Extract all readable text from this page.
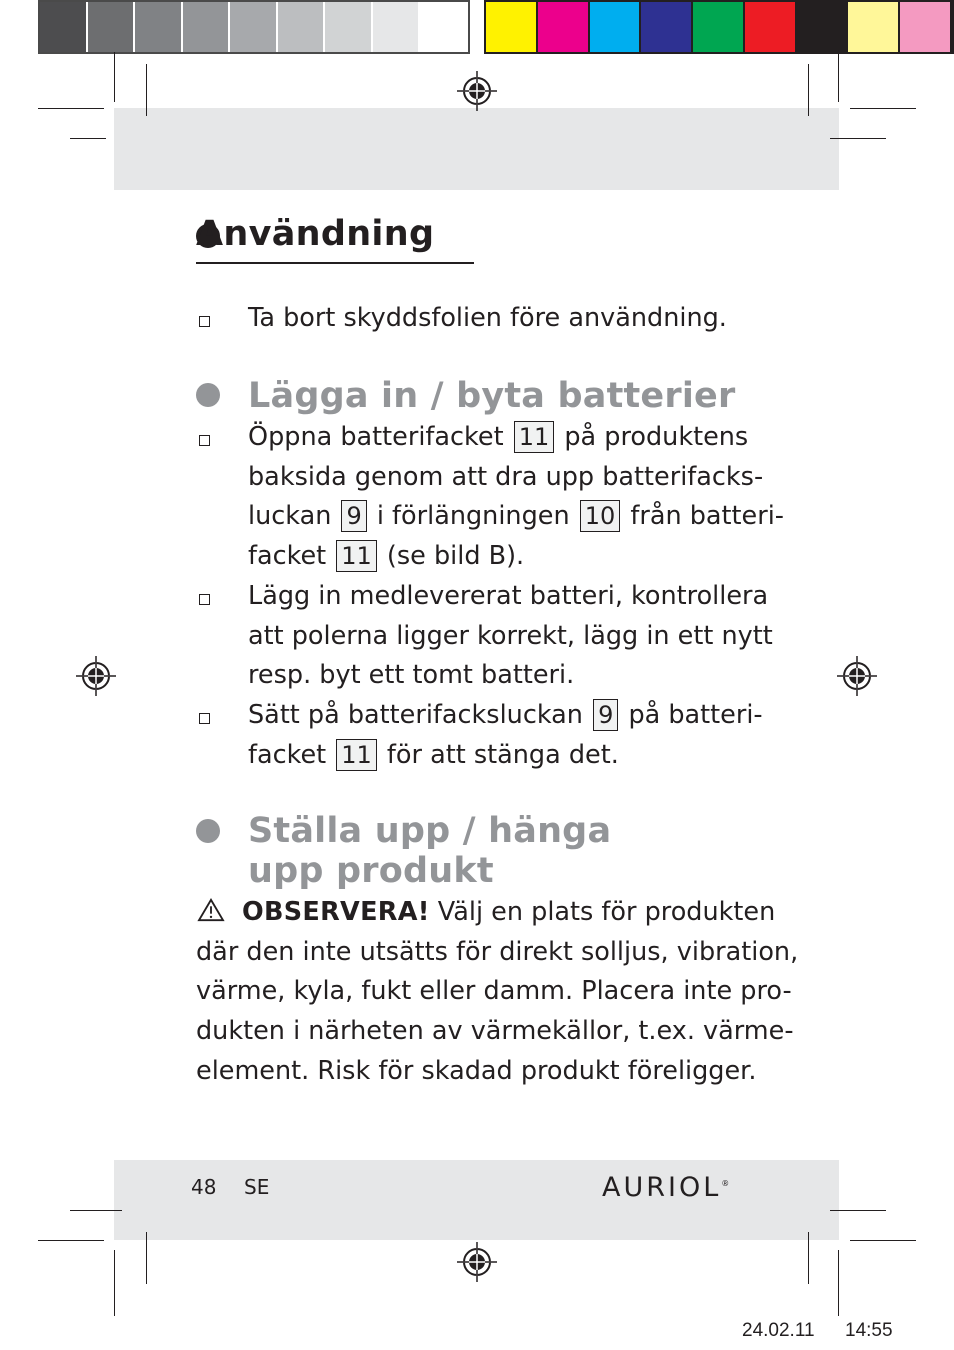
Användning
Ta bort skyddsfolien före användning.
Lägga in / byta batterier
Öppna batterifacket 11 på produktens
baksida genom att dra upp batterifacks-
luckan 9 i förlängningen 10 från batteri-
facket 11 (se bild B).
Lägg in medlevererat batteri, kontrollera
att polerna ligger korrekt, lägg in ett nytt
resp. byt ett tomt batteri.
Sätt på batterifacksluckan 9 på batteri-
facket 11 för att stänga det.
Ställa upp / hänga
upp produkt
OBSERVERA! Välj en plats för produkten
där den inte utsätts för direkt solljus, vibration,
värme, kyla, fukt eller damm. Placera inte pro-
dukten i närheten av värmekällor, t.ex. värme-
element. Risk för skadad produkt föreligger.
48 SE	AURIOL®
24.02.11 14:55
